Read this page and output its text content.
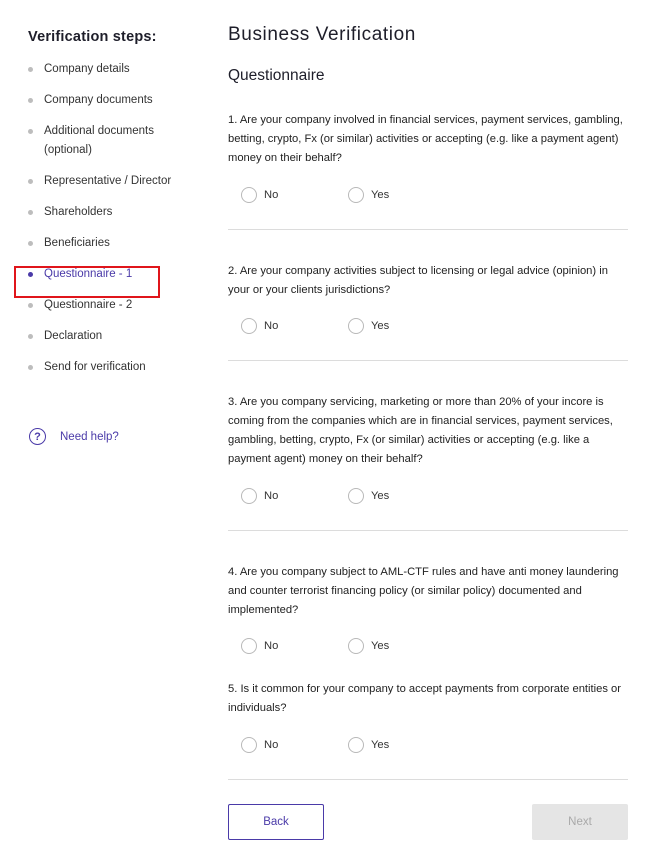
Verification steps:
Company details
Company documents
Additional documents (optional)
Representative / Director
Shareholders
Beneficiaries
Questionnaire - 1
Questionnaire - 2
Declaration
Send for verification
?	Need help?
Business Verification
Questionnaire
1. Are your company involved in financial services, payment services, gambling, betting, crypto, Fx (or similar) activities or accepting (e.g. like a payment agent) money on their behalf?
No	Yes
2. Are your company activities subject to licensing or legal advice (opinion) in your or your clients jurisdictions?
No	Yes
3. Are you company servicing, marketing or more than 20% of your incore is coming from the companies which are in financial services, payment services, gambling, betting, crypto, Fx (or similar) activities or accepting (e.g. like a payment agent) money on their behalf?
No	Yes
4. Are you company subject to AML-CTF rules and have anti money laundering and counter terrorist financing policy (or similar policy) documented and implemented?
No	Yes
5. Is it common for your company to accept payments from corporate entities or individuals?
No	Yes
Back	Next
